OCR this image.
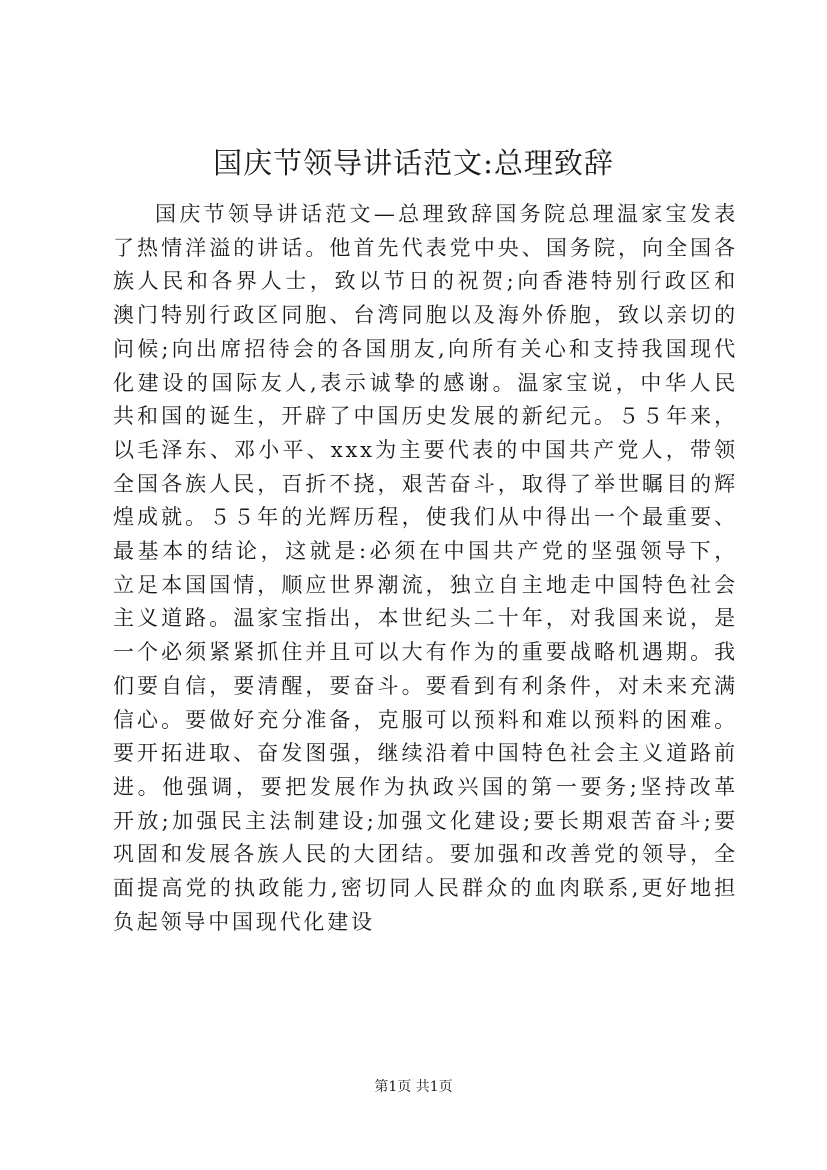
国庆节领导讲话范文:总理致辞

国庆节领导讲话范文—总理致辞国务院总理温家宝发表了热情洋溢的讲话。他首先代表党中央、国务院，向全国各族人民和各界人士，致以节日的祝贺;向香港特别行政区和澳门特别行政区同胞、台湾同胞以及海外侨胞，致以亲切的问候;向出席招待会的各国朋友,向所有关心和支持我国现代化建设的国际友人,表示诚挚的感谢。温家宝说，中华人民共和国的诞生，开辟了中国历史发展的新纪元。５５年来，以毛泽东、邓小平、xxx为主要代表的中国共产党人，带领全国各族人民，百折不挠，艰苦奋斗，取得了举世瞩目的辉煌成就。５５年的光辉历程，使我们从中得出一个最重要、最基本的结论，这就是:必须在中国共产党的坚强领导下，立足本国国情，顺应世界潮流，独立自主地走中国特色社会主义道路。温家宝指出，本世纪头二十年，对我国来说，是一个必须紧紧抓住并且可以大有作为的重要战略机遇期。我们要自信，要清醒，要奋斗。要看到有利条件，对未来充满信心。要做好充分准备，克服可以预料和难以预料的困难。要开拓进取、奋发图强，继续沿着中国特色社会主义道路前进。他强调，要把发展作为执政兴国的第一要务;坚持改革开放;加强民主法制建设;加强文化建设;要长期艰苦奋斗;要巩固和发展各族人民的大团结。要加强和改善党的领导，全面提高党的执政能力,密切同人民群众的血肉联系,更好地担负起领导中国现代化建设

第1页 共1页
